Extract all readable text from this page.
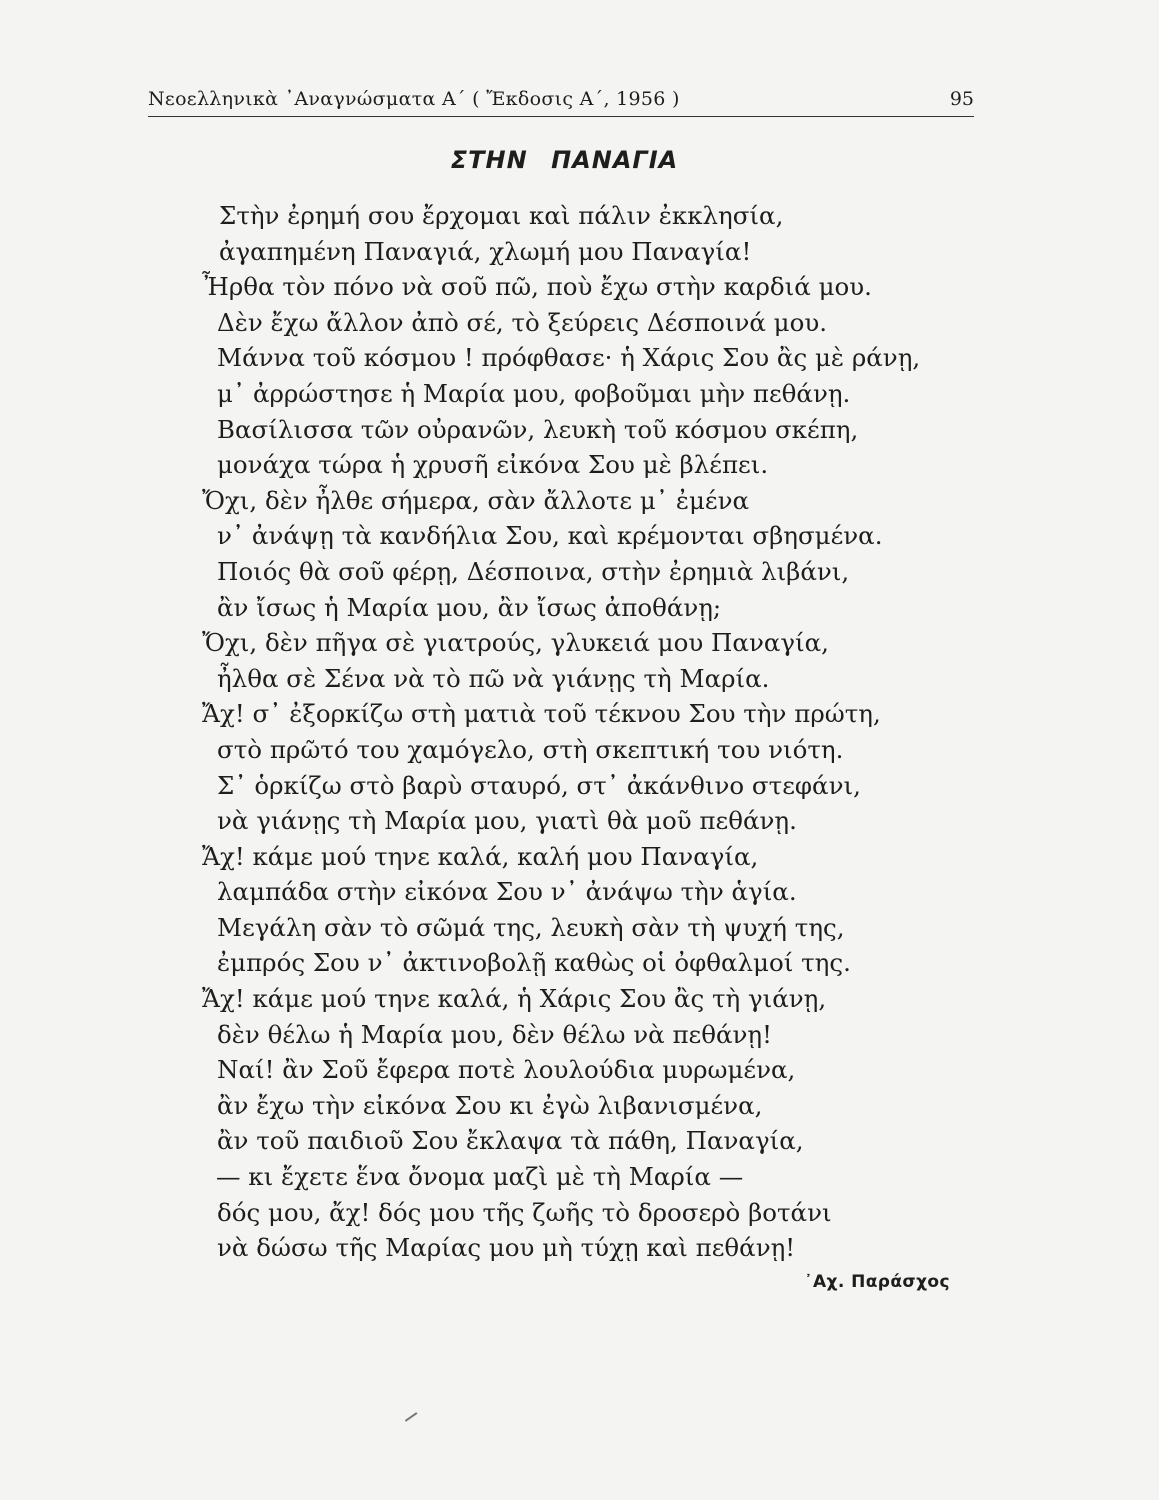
Νεοελληνικὰ ᾿Αναγνώσματα Α΄ ( Ἔκδοσις Α΄, 1956 )	95
ΣΤΗΝ ΠΑΝΑΓΙΑ
Στὴν ἐρημή σου ἔρχομαι καὶ πάλιν ἐκκλησία,
ἀγαπημένη Παναγιά, χλωμή μου Παναγία!
Ἦρθα τὸν πόνο νὰ σοῦ πῶ, ποὺ ἔχω στὴν καρδιά μου.
Δὲν ἔχω ἄλλον ἀπὸ σέ, τὸ ξεύρεις Δέσποινά μου.
Μάννα τοῦ κόσμου ! πρόφθασε· ἡ Χάρις Σου ἂς μὲ ράνῃ,
μ᾿ ἀρρώστησε ἡ Μαρία μου, φοβοῦμαι μὴν πεθάνῃ.
Βασίλισσα τῶν οὐρανῶν, λευκὴ τοῦ κόσμου σκέπη,
μονάχα τώρα ἡ χρυσῆ εἰκόνα Σου μὲ βλέπει.
Ὄχι, δὲν ἦλθε σήμερα, σὰν ἄλλοτε μ᾿ ἐμένα
ν᾿ ἀνάψῃ τὰ κανδήλια Σου, καὶ κρέμονται σβησμένα.
Ποιός θὰ σοῦ φέρῃ, Δέσποινα, στὴν ἐρημιὰ λιβάνι,
ἂν ἴσως ἡ Μαρία μου, ἂν ἴσως ἀποθάνῃ;
Ὄχι, δὲν πῆγα σὲ γιατρούς, γλυκειά μου Παναγία,
ἦλθα σὲ Σένα νὰ τὸ πῶ νὰ γιάνῃς τὴ Μαρία.
Ἄχ! σ᾿ ἐξορκίζω στὴ ματιὰ τοῦ τέκνου Σου τὴν πρώτη,
στὸ πρῶτό του χαμόγελο, στὴ σκεπτική του νιότη.
Σ᾿ ὁρκίζω στὸ βαρὺ σταυρό, στ᾿ ἀκάνθινο στεφάνι,
νὰ γιάνῃς τὴ Μαρία μου, γιατὶ θὰ μοῦ πεθάνῃ.
Ἄχ! κάμε μού τηνε καλά, καλή μου Παναγία,
λαμπάδα στὴν εἰκόνα Σου ν᾿ ἀνάψω τὴν ἁγία.
Μεγάλη σὰν τὸ σῶμά της, λευκὴ σὰν τὴ ψυχή της,
ἐμπρός Σου ν᾿ ἀκτινοβολῇ καθὼς οἱ ὀφθαλμοί της.
Ἄχ! κάμε μού τηνε καλά, ἡ Χάρις Σου ἂς τὴ γιάνῃ,
δὲν θέλω ἡ Μαρία μου, δὲν θέλω νὰ πεθάνῃ!
Ναί! ἂν Σοῦ ἔφερα ποτὲ λουλούδια μυρωμένα,
ἂν ἔχω τὴν εἰκόνα Σου κι ἐγὼ λιβανισμένα,
ἂν τοῦ παιδιοῦ Σου ἔκλαψα τὰ πάθη, Παναγία,
— κι ἔχετε ἕνα ὄνομα μαζὶ μὲ τὴ Μαρία —
δός μου, ἄχ! δός μου τῆς ζωῆς τὸ δροσερὸ βοτάνι
νὰ δώσω τῆς Μαρίας μου μὴ τύχῃ καὶ πεθάνῃ!
᾿Αχ. Παράσχος
